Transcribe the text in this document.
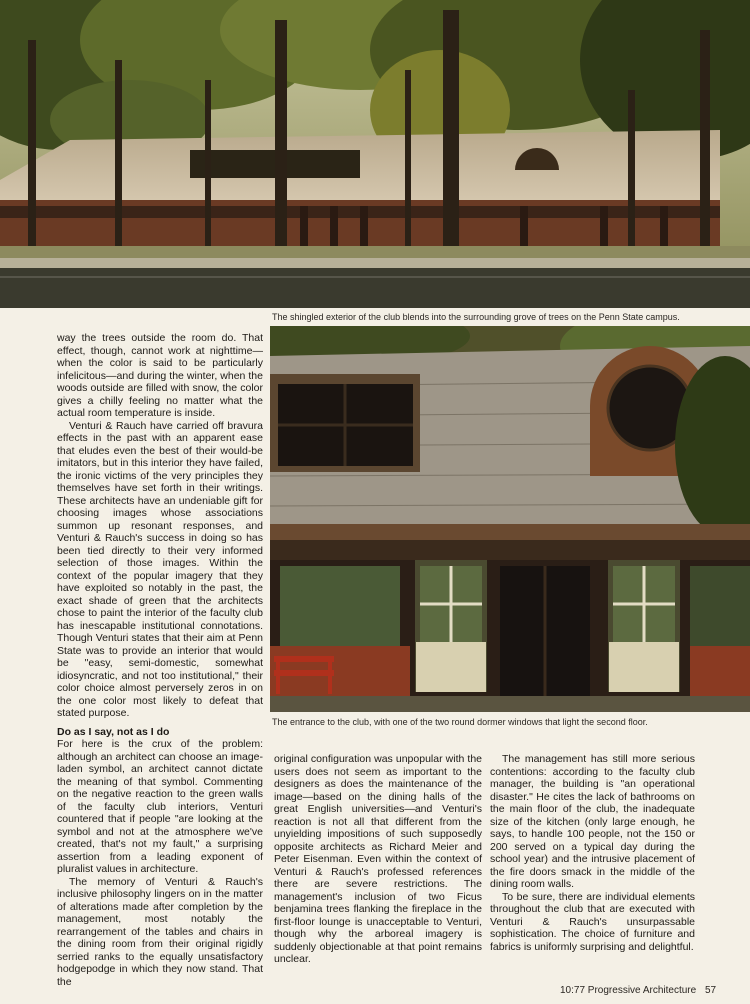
The shingled exterior of the club blends into the surrounding grove of trees on the Penn State campus.

The entrance to the club, with one of the two round dormer windows that light the second floor.

way the trees outside the room do. That effect, though, cannot work at nighttime—when the color is said to be particularly infelicitous—and during the winter, when the woods outside are filled with snow, the color gives a chilly feeling no matter what the actual room temperature is inside.

Venturi & Rauch have carried off bravura effects in the past with an apparent ease that eludes even the best of their would-be imitators, but in this interior they have failed, the ironic victims of the very principles they themselves have set forth in their writings. These architects have an undeniable gift for choosing images whose associations summon up resonant responses, and Venturi & Rauch's success in doing so has been tied directly to their very informed selection of those images. Within the context of the popular imagery that they have exploited so notably in the past, the exact shade of green that the architects chose to paint the interior of the faculty club has inescapable institutional connotations. Though Venturi states that their aim at Penn State was to provide an interior that would be "easy, semi-domestic, somewhat idiosyncratic, and not too institutional," their color choice almost perversely zeros in on the one color most likely to defeat that stated purpose.

Do as I say, not as I do

For here is the crux of the problem: although an architect can choose an image-laden symbol, an architect cannot dictate the meaning of that symbol. Commenting on the negative reaction to the green walls of the faculty club interiors, Venturi countered that if people "are looking at the symbol and not at the atmosphere we've created, that's not my fault," a surprising assertion from a leading exponent of pluralist values in architecture.

The memory of Venturi & Rauch's inclusive philosophy lingers on in the matter of alterations made after completion by the management, most notably the rearrangement of the tables and chairs in the dining room from their original rigidly serried ranks to the equally unsatisfactory hodgepodge in which they now stand. That the

original configuration was unpopular with the users does not seem as important to the designers as does the maintenance of the image—based on the dining halls of the great English universities—and Venturi's reaction is not all that different from the unyielding impositions of such supposedly opposite architects as Richard Meier and Peter Eisenman. Even within the context of Venturi & Rauch's professed references there are severe restrictions. The management's inclusion of two Ficus benjamina trees flanking the fireplace in the first-floor lounge is unacceptable to Venturi, though why the arboreal imagery is suddenly objectionable at that point remains unclear.

The management has still more serious contentions: according to the faculty club manager, the building is "an operational disaster." He cites the lack of bathrooms on the main floor of the club, the inadequate size of the kitchen (only large enough, he says, to handle 100 people, not the 150 or 200 served on a typical day during the school year) and the intrusive placement of the fire doors smack in the middle of the dining room walls.

To be sure, there are individual elements throughout the club that are executed with Venturi & Rauch's unsurpassable sophistication. The choice of furniture and fabrics is uniformly surprising and delightful.

10:77 Progressive Architecture 57
